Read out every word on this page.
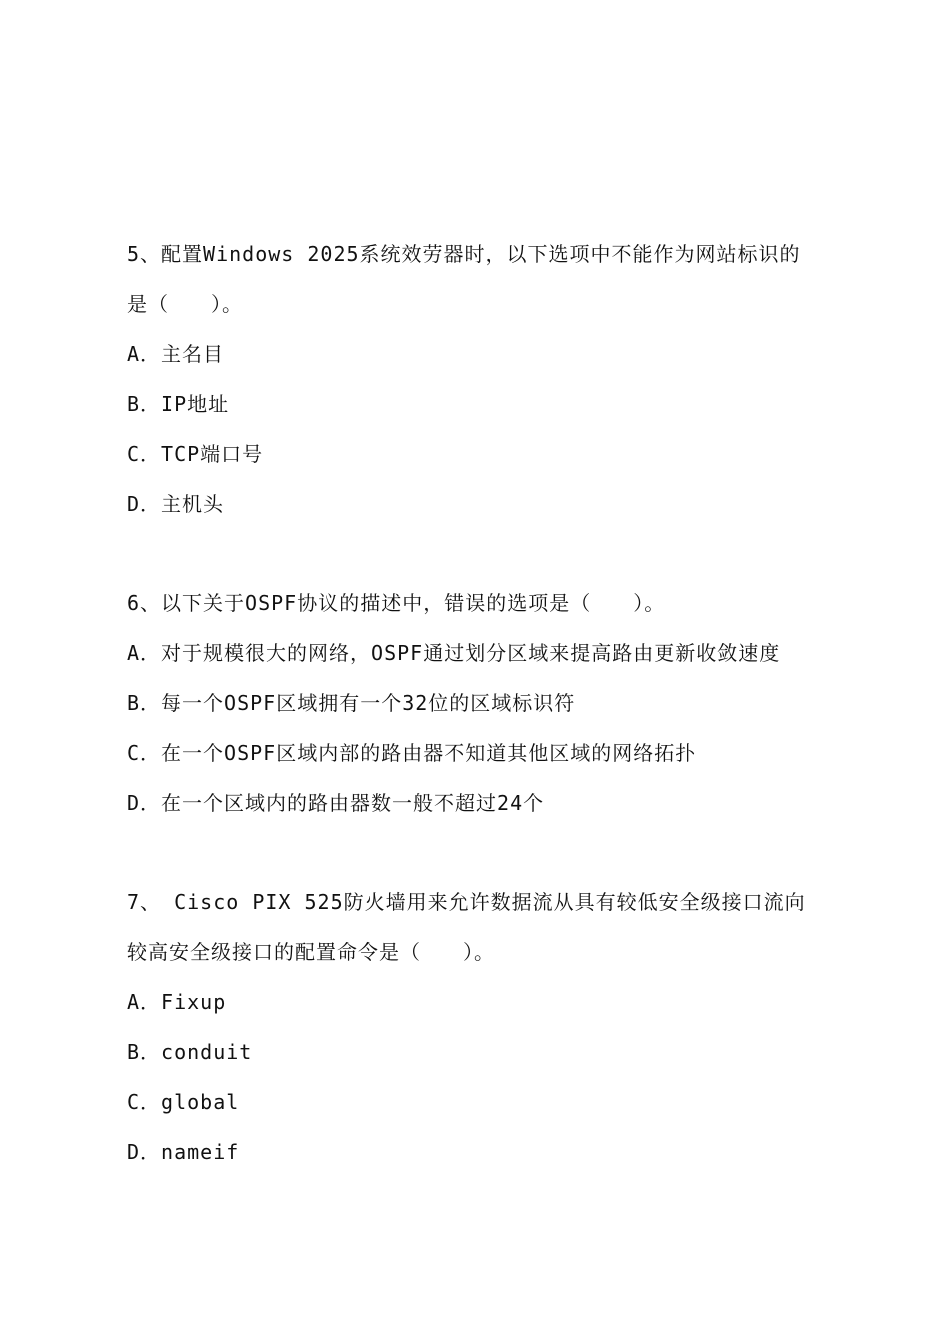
5、配置Windows 2025系统效劳器时，以下选项中不能作为网站标识的
是（　　）。
A．主名目
B．IP地址
C．TCP端口号
D．主机头
6、以下关于OSPF协议的描述中，错误的选项是（　　）。
A．对于规模很大的网络，OSPF通过划分区域来提高路由更新收敛速度
B．每一个OSPF区域拥有一个32位的区域标识符
C．在一个OSPF区域内部的路由器不知道其他区域的网络拓扑
D．在一个区域内的路由器数一般不超过24个
7、 Cisco PIX 525防火墙用来允许数据流从具有较低安全级接口流向
较高安全级接口的配置命令是（　　）。
A．Fixup
B．conduit
C．global
D．nameif
